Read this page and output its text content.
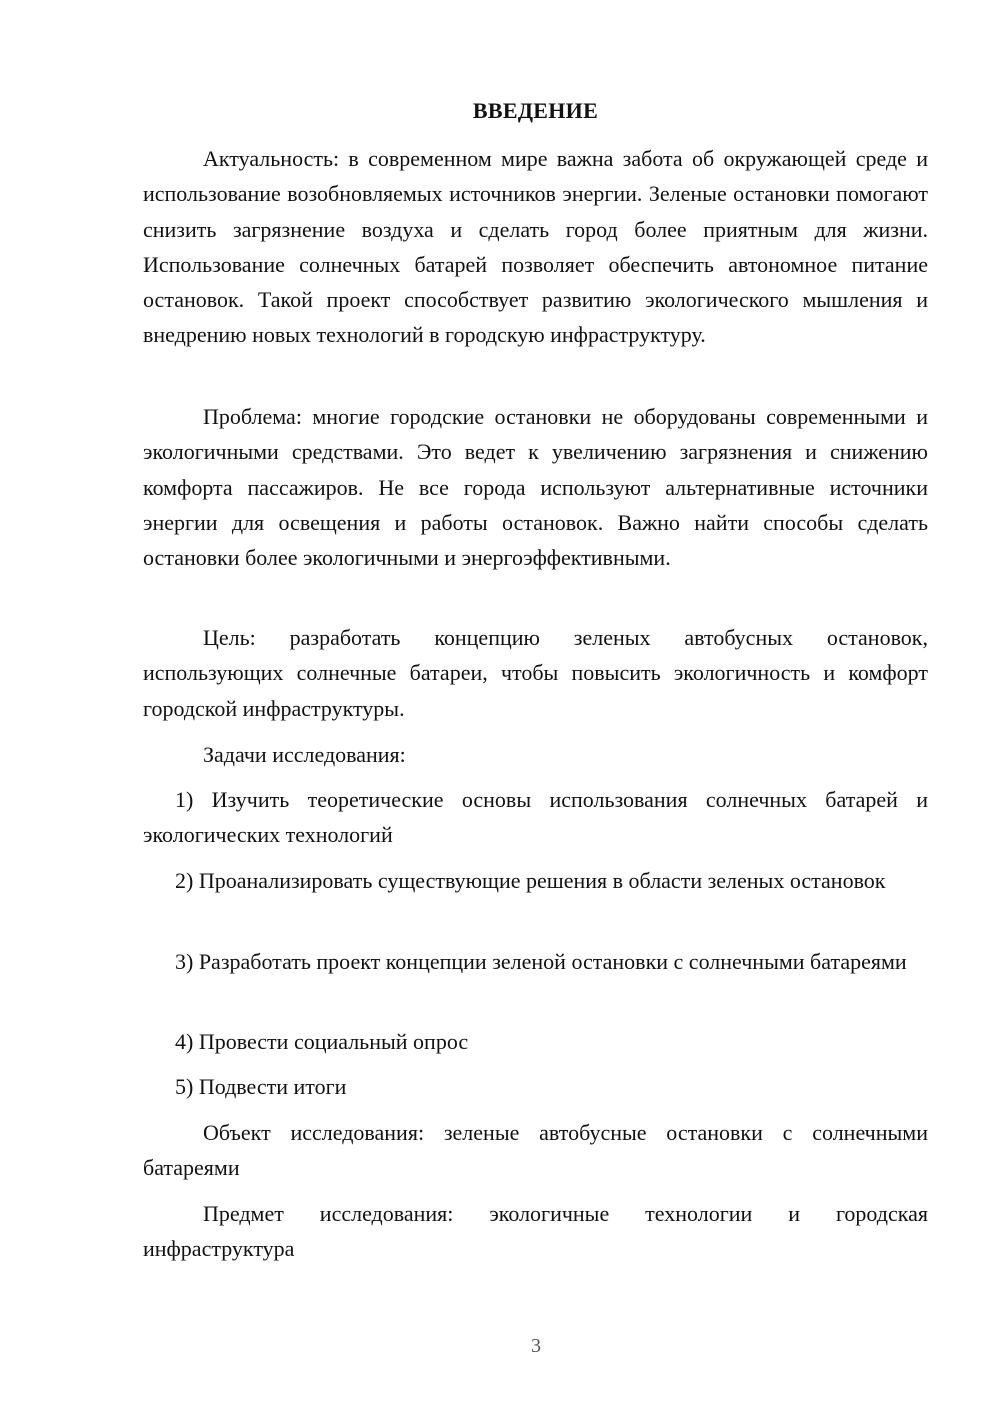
ВВЕДЕНИЕ

Актуальность: в современном мире важна забота об окружающей среде и использование возобновляемых источников энергии. Зеленые остановки помогают снизить загрязнение воздуха и сделать город более приятным для жизни. Использование солнечных батарей позволяет обеспечить автономное питание остановок. Такой проект способствует развитию экологического мышления и внедрению новых технологий в городскую инфраструктуру.

Проблема: многие городские остановки не оборудованы современными и экологичными средствами. Это ведет к увеличению загрязнения и снижению комфорта пассажиров. Не все города используют альтернативные источники энергии для освещения и работы остановок. Важно найти способы сделать остановки более экологичными и энергоэффективными.

Цель: разработать концепцию зеленых автобусных остановок, использующих солнечные батареи, чтобы повысить экологичность и комфорт городской инфраструктуры.

Задачи исследования:

1) Изучить теоретические основы использования солнечных батарей и экологических технологий

2) Проанализировать существующие решения в области зеленых остановок

3) Разработать проект концепции зеленой остановки с солнечными батареями

4) Провести социальный опрос

5) Подвести итоги

Объект исследования: зеленые автобусные остановки с солнечными батареями

Предмет исследования: экологичные технологии и городская инфраструктура

3
